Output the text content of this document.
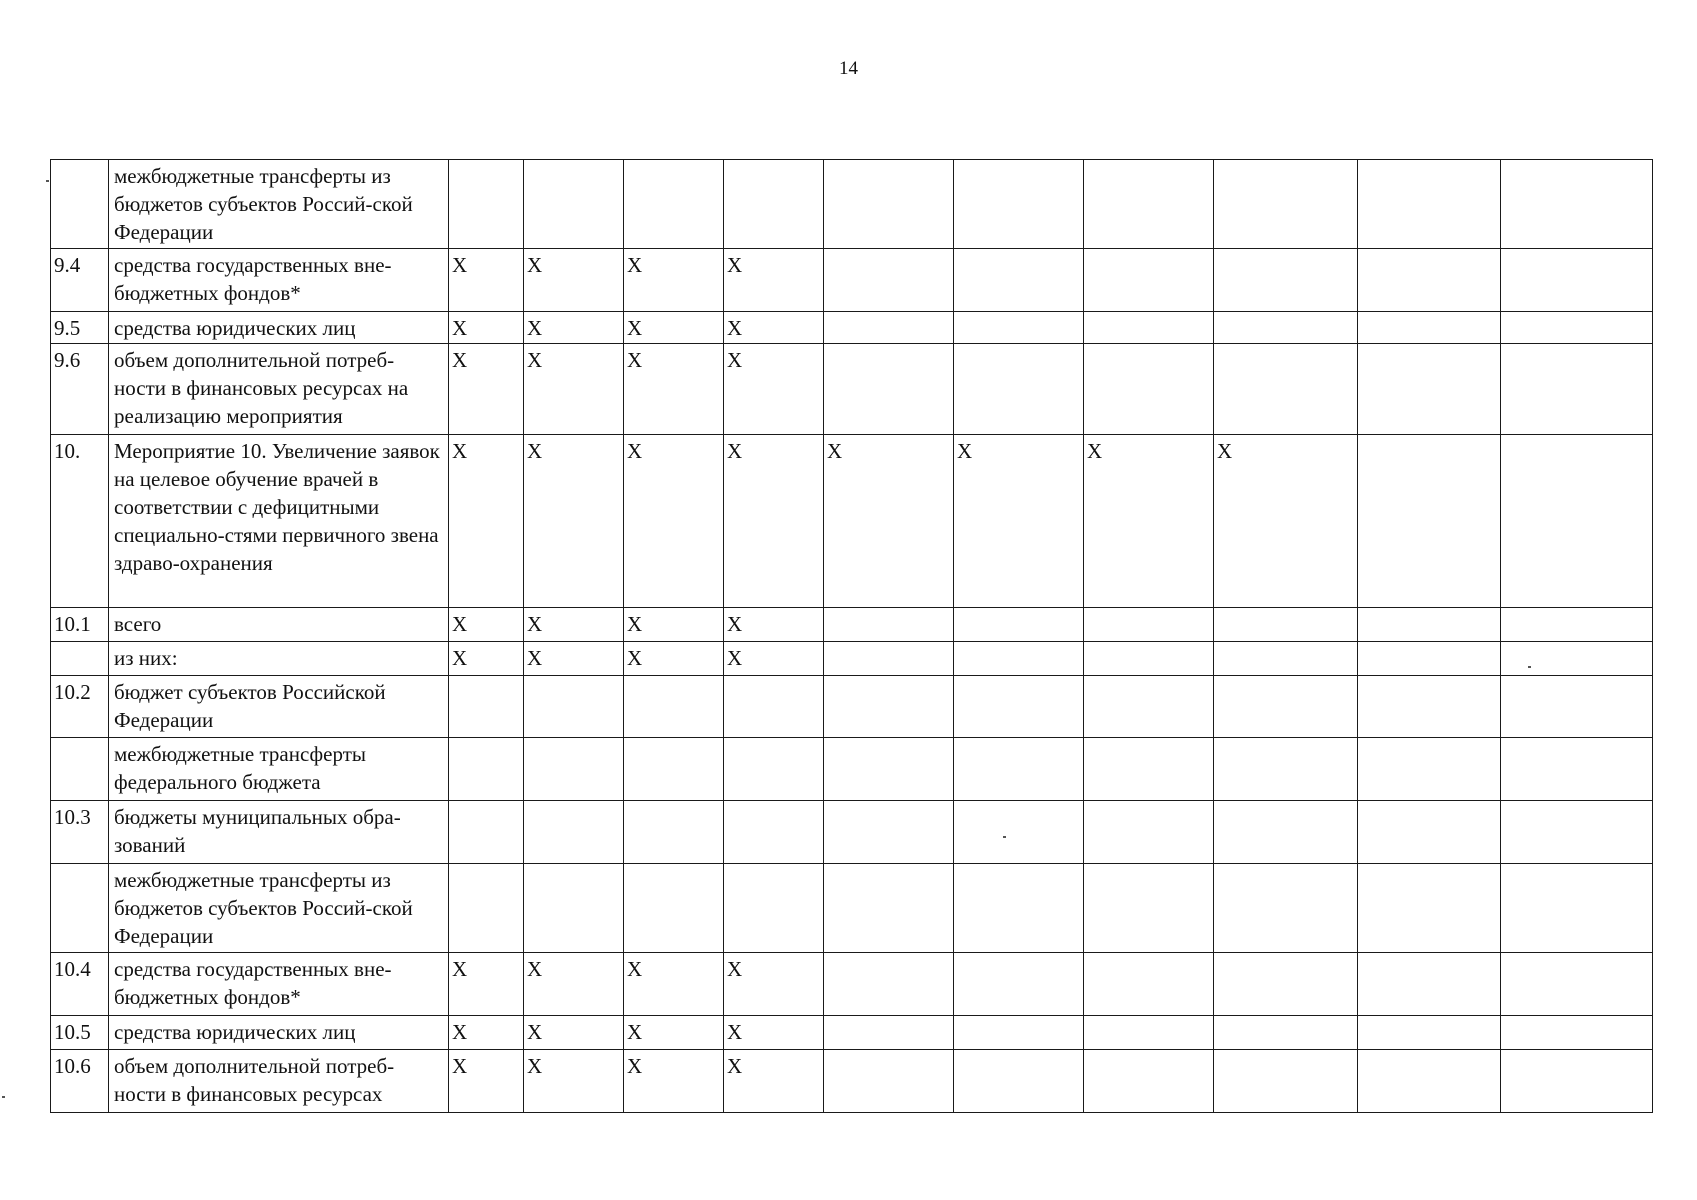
14
	межбюджетные трансферты из бюджетов субъектов Россий-ской Федерации										
9.4	средства государственных вне-бюджетных фондов*	X	X	X	X						
9.5	средства юридических лиц	X	X	X	X						
9.6	объем дополнительной потреб-ности в финансовых ресурсах на реализацию мероприятия	X	X	X	X						
10.	Мероприятие 10. Увеличение заявок на целевое обучение врачей в соответствии с дефицитными специально-стями первичного звена здраво-охранения	X	X	X	X	X	X	X	X		
10.1	всего	X	X	X	X						
	из них:	X	X	X	X						
10.2	бюджет субъектов Российской Федерации										
	межбюджетные трансферты федерального бюджета										
10.3	бюджеты муниципальных обра-зований										
	межбюджетные трансферты из бюджетов субъектов Россий-ской Федерации										
10.4	средства государственных вне-бюджетных фондов*	X	X	X	X						
10.5	средства юридических лиц	X	X	X	X						
10.6	объем дополнительной потреб-ности в финансовых ресурсах	X	X	X	X						
